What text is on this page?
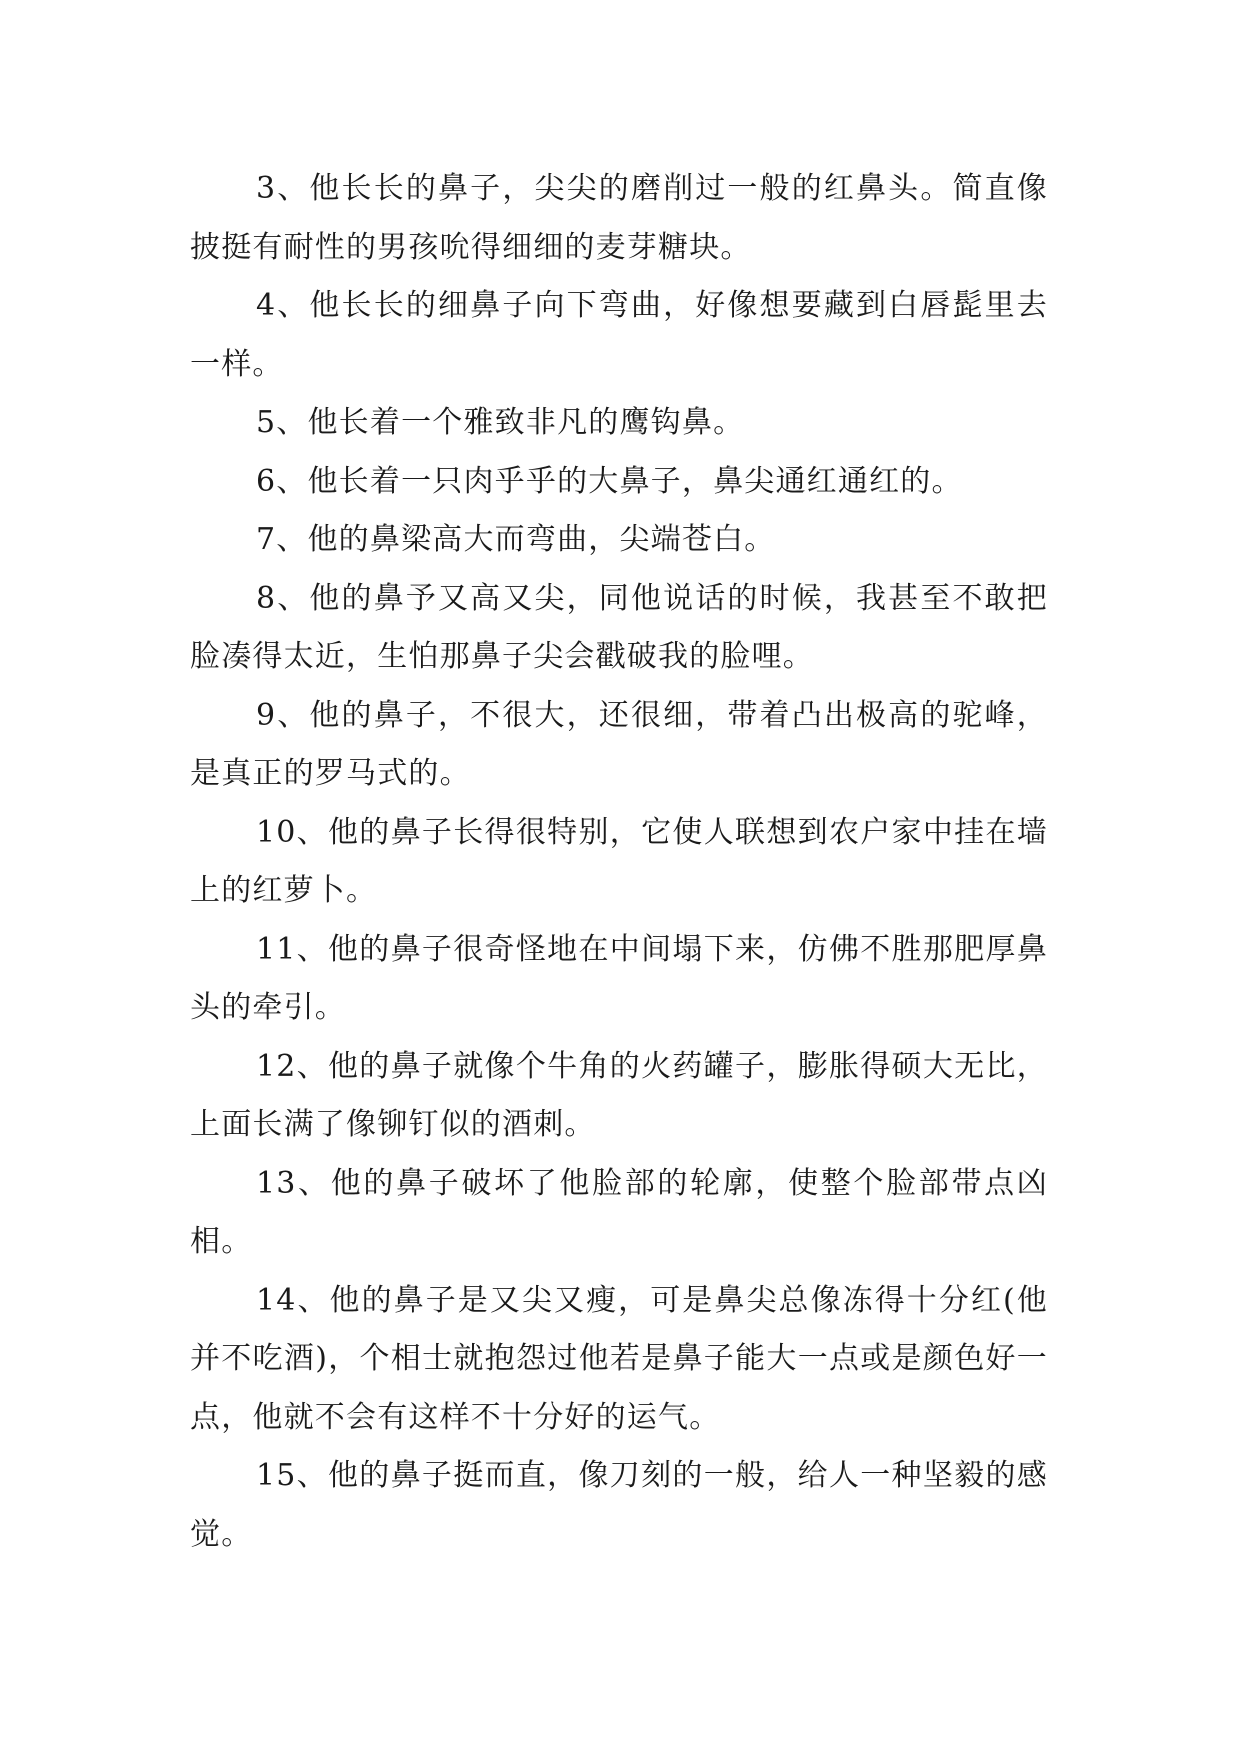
3、他长长的鼻子，尖尖的磨削过一般的红鼻头。简直像披挺有耐性的男孩吮得细细的麦芽糖块。

4、他长长的细鼻子向下弯曲，好像想要藏到白唇髭里去一样。

5、他长着一个雅致非凡的鹰钩鼻。

6、他长着一只肉乎乎的大鼻子，鼻尖通红通红的。

7、他的鼻梁高大而弯曲，尖端苍白。

8、他的鼻予又高又尖，同他说话的时候，我甚至不敢把脸凑得太近，生怕那鼻子尖会戳破我的脸哩。

9、他的鼻子，不很大，还很细，带着凸出极高的驼峰，是真正的罗马式的。

10、他的鼻子长得很特别，它使人联想到农户家中挂在墙上的红萝卜。

11、他的鼻子很奇怪地在中间塌下来，仿佛不胜那肥厚鼻头的牵引。

12、他的鼻子就像个牛角的火药罐子，膨胀得硕大无比，上面长满了像铆钉似的酒刺。

13、他的鼻子破坏了他脸部的轮廓，使整个脸部带点凶相。

14、他的鼻子是又尖又瘦，可是鼻尖总像冻得十分红(他并不吃酒)，个相士就抱怨过他若是鼻子能大一点或是颜色好一点，他就不会有这样不十分好的运气。

15、他的鼻子挺而直，像刀刻的一般，给人一种坚毅的感觉。
